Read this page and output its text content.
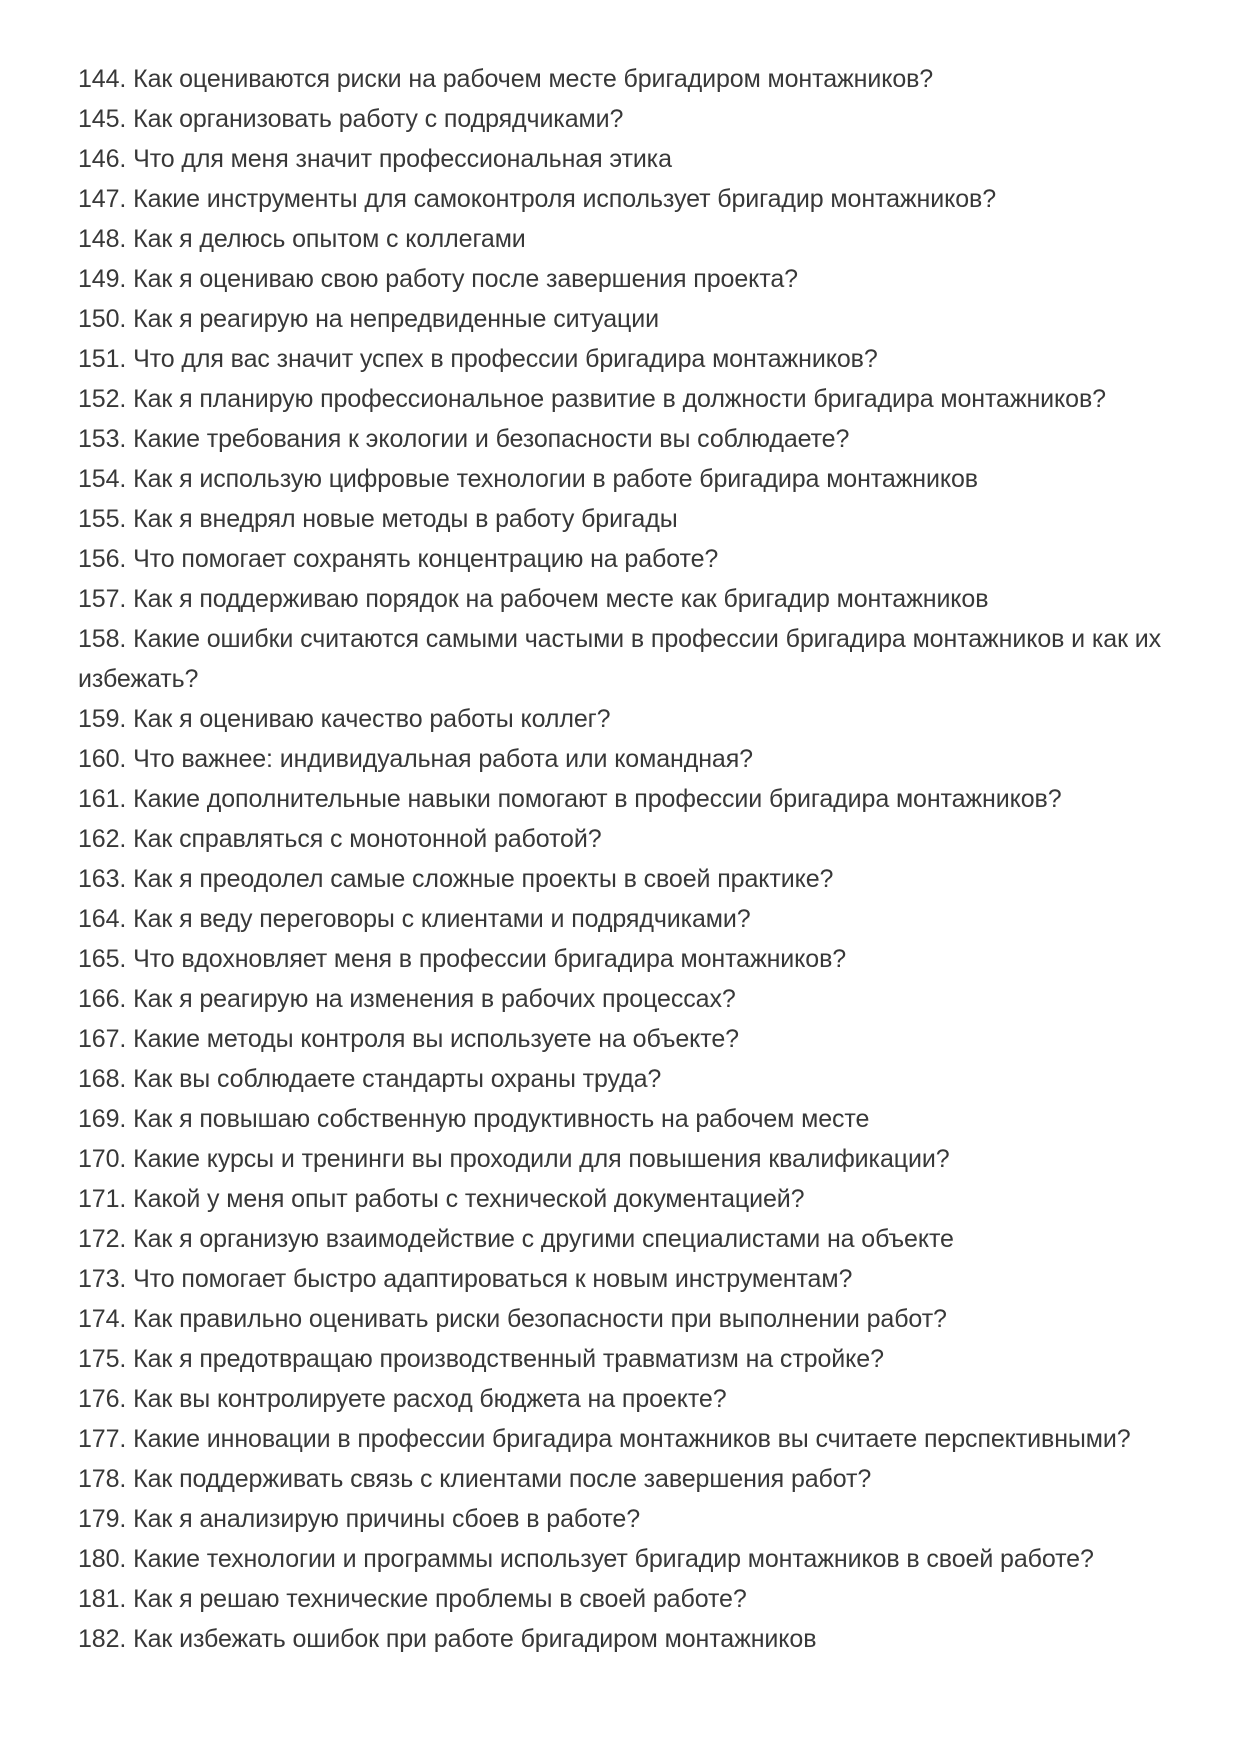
144. Как оцениваются риски на рабочем месте бригадиром монтажников?

145. Как организовать работу с подрядчиками?

146. Что для меня значит профессиональная этика

147. Какие инструменты для самоконтроля использует бригадир монтажников?

148. Как я делюсь опытом с коллегами

149. Как я оцениваю свою работу после завершения проекта?

150. Как я реагирую на непредвиденные ситуации

151. Что для вас значит успех в профессии бригадира монтажников?

152. Как я планирую профессиональное развитие в должности бригадира монтажников?

153. Какие требования к экологии и безопасности вы соблюдаете?

154. Как я использую цифровые технологии в работе бригадира монтажников

155. Как я внедрял новые методы в работу бригады

156. Что помогает сохранять концентрацию на работе?

157. Как я поддерживаю порядок на рабочем месте как бригадир монтажников

158. Какие ошибки считаются самыми частыми в профессии бригадира монтажников и как их избежать?

159. Как я оцениваю качество работы коллег?

160. Что важнее: индивидуальная работа или командная?

161. Какие дополнительные навыки помогают в профессии бригадира монтажников?

162. Как справляться с монотонной работой?

163. Как я преодолел самые сложные проекты в своей практике?

164. Как я веду переговоры с клиентами и подрядчиками?

165. Что вдохновляет меня в профессии бригадира монтажников?

166. Как я реагирую на изменения в рабочих процессах?

167. Какие методы контроля вы используете на объекте?

168. Как вы соблюдаете стандарты охраны труда?

169. Как я повышаю собственную продуктивность на рабочем месте

170. Какие курсы и тренинги вы проходили для повышения квалификации?

171. Какой у меня опыт работы с технической документацией?

172. Как я организую взаимодействие с другими специалистами на объекте

173. Что помогает быстро адаптироваться к новым инструментам?

174. Как правильно оценивать риски безопасности при выполнении работ?

175. Как я предотвращаю производственный травматизм на стройке?

176. Как вы контролируете расход бюджета на проекте?

177. Какие инновации в профессии бригадира монтажников вы считаете перспективными?

178. Как поддерживать связь с клиентами после завершения работ?

179. Как я анализирую причины сбоев в работе?

180. Какие технологии и программы использует бригадир монтажников в своей работе?

181. Как я решаю технические проблемы в своей работе?

182. Как избежать ошибок при работе бригадиром монтажников
